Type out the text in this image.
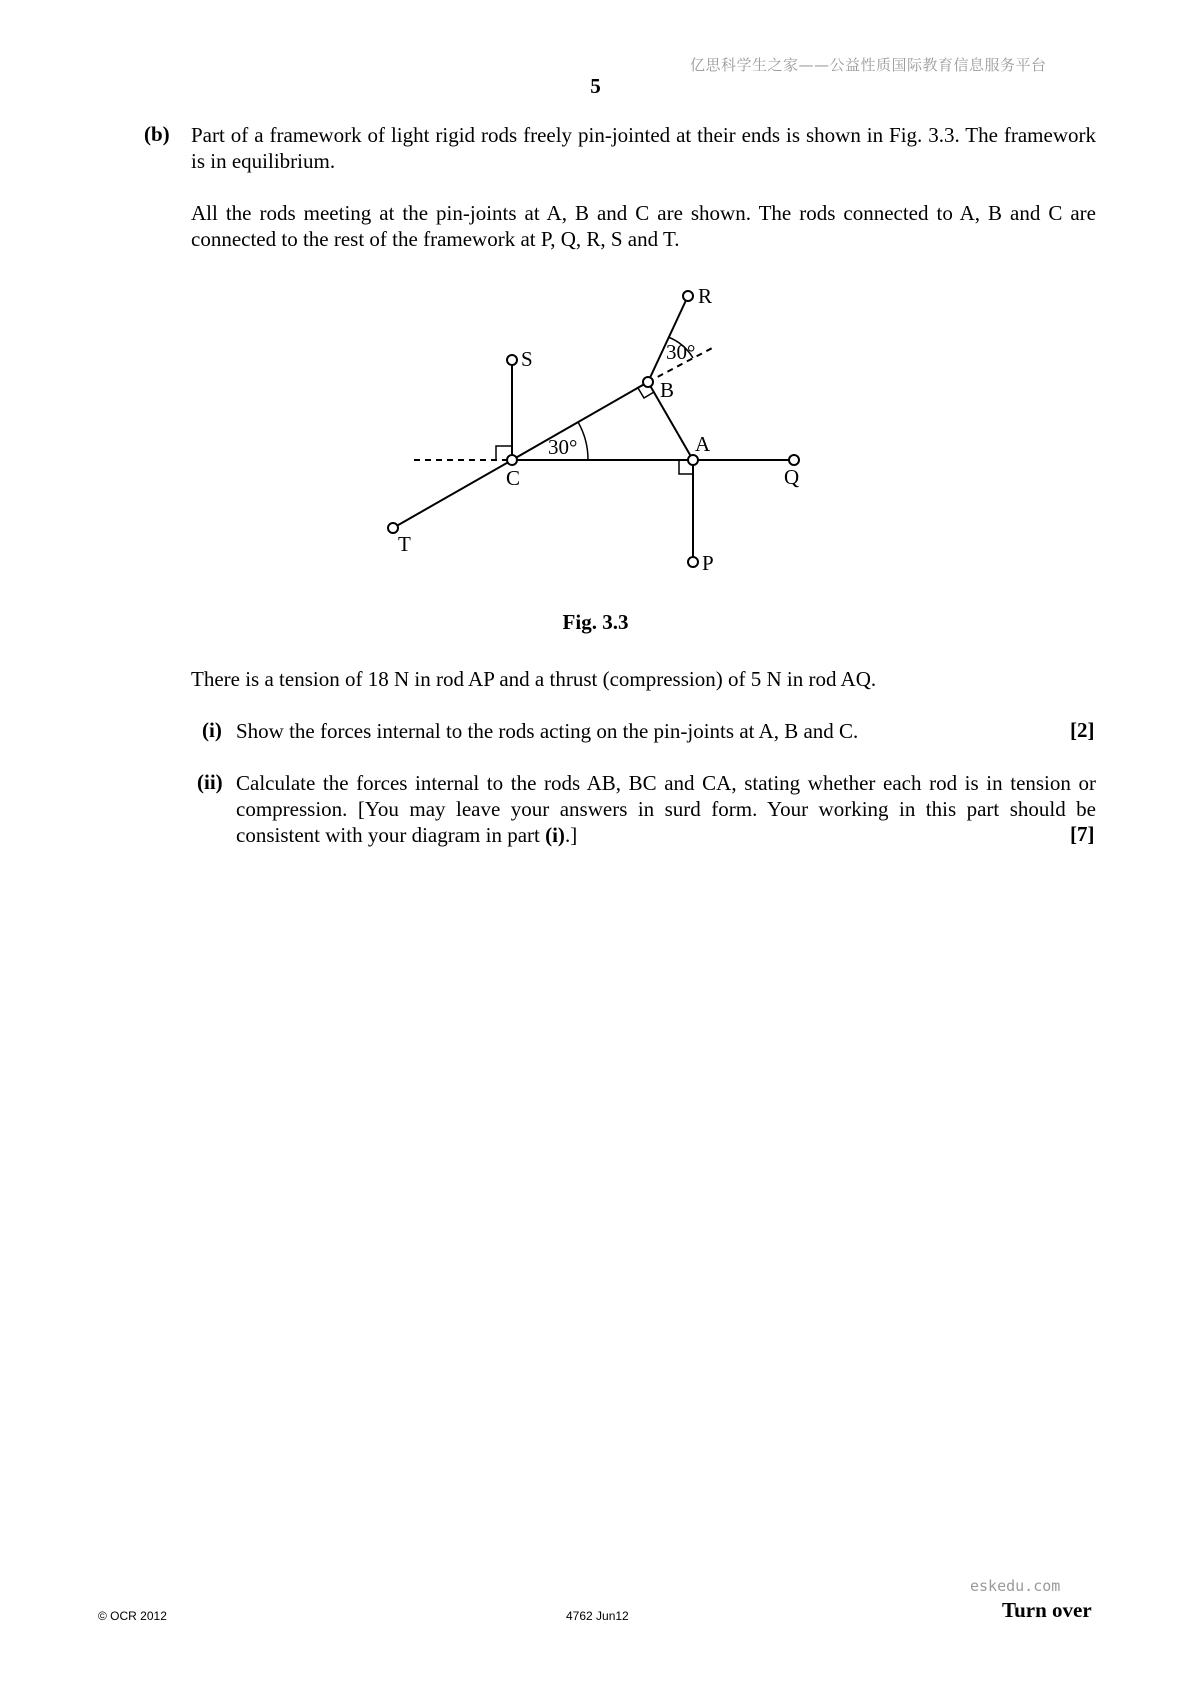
亿思科学生之家——公益性质国际教育信息服务平台
5
(b) Part of a framework of light rigid rods freely pin-jointed at their ends is shown in Fig. 3.3. The framework is in equilibrium.
All the rods meeting at the pin-joints at A, B and C are shown. The rods connected to A, B and C are connected to the rest of the framework at P, Q, R, S and T.
C
A
B
T
Q
P
S
R
30°
30°
Fig. 3.3
There is a tension of 18 N in rod AP and a thrust (compression) of 5 N in rod AQ.
(i) Show the forces internal to the rods acting on the pin-joints at A, B and C.	[2]
(ii) Calculate the forces internal to the rods AB, BC and CA, stating whether each rod is in tension or compression. [You may leave your answers in surd form. Your working in this part should be consistent with your diagram in part (i).]	[7]
eskedu.com
© OCR 2012	4762 Jun12	Turn over
